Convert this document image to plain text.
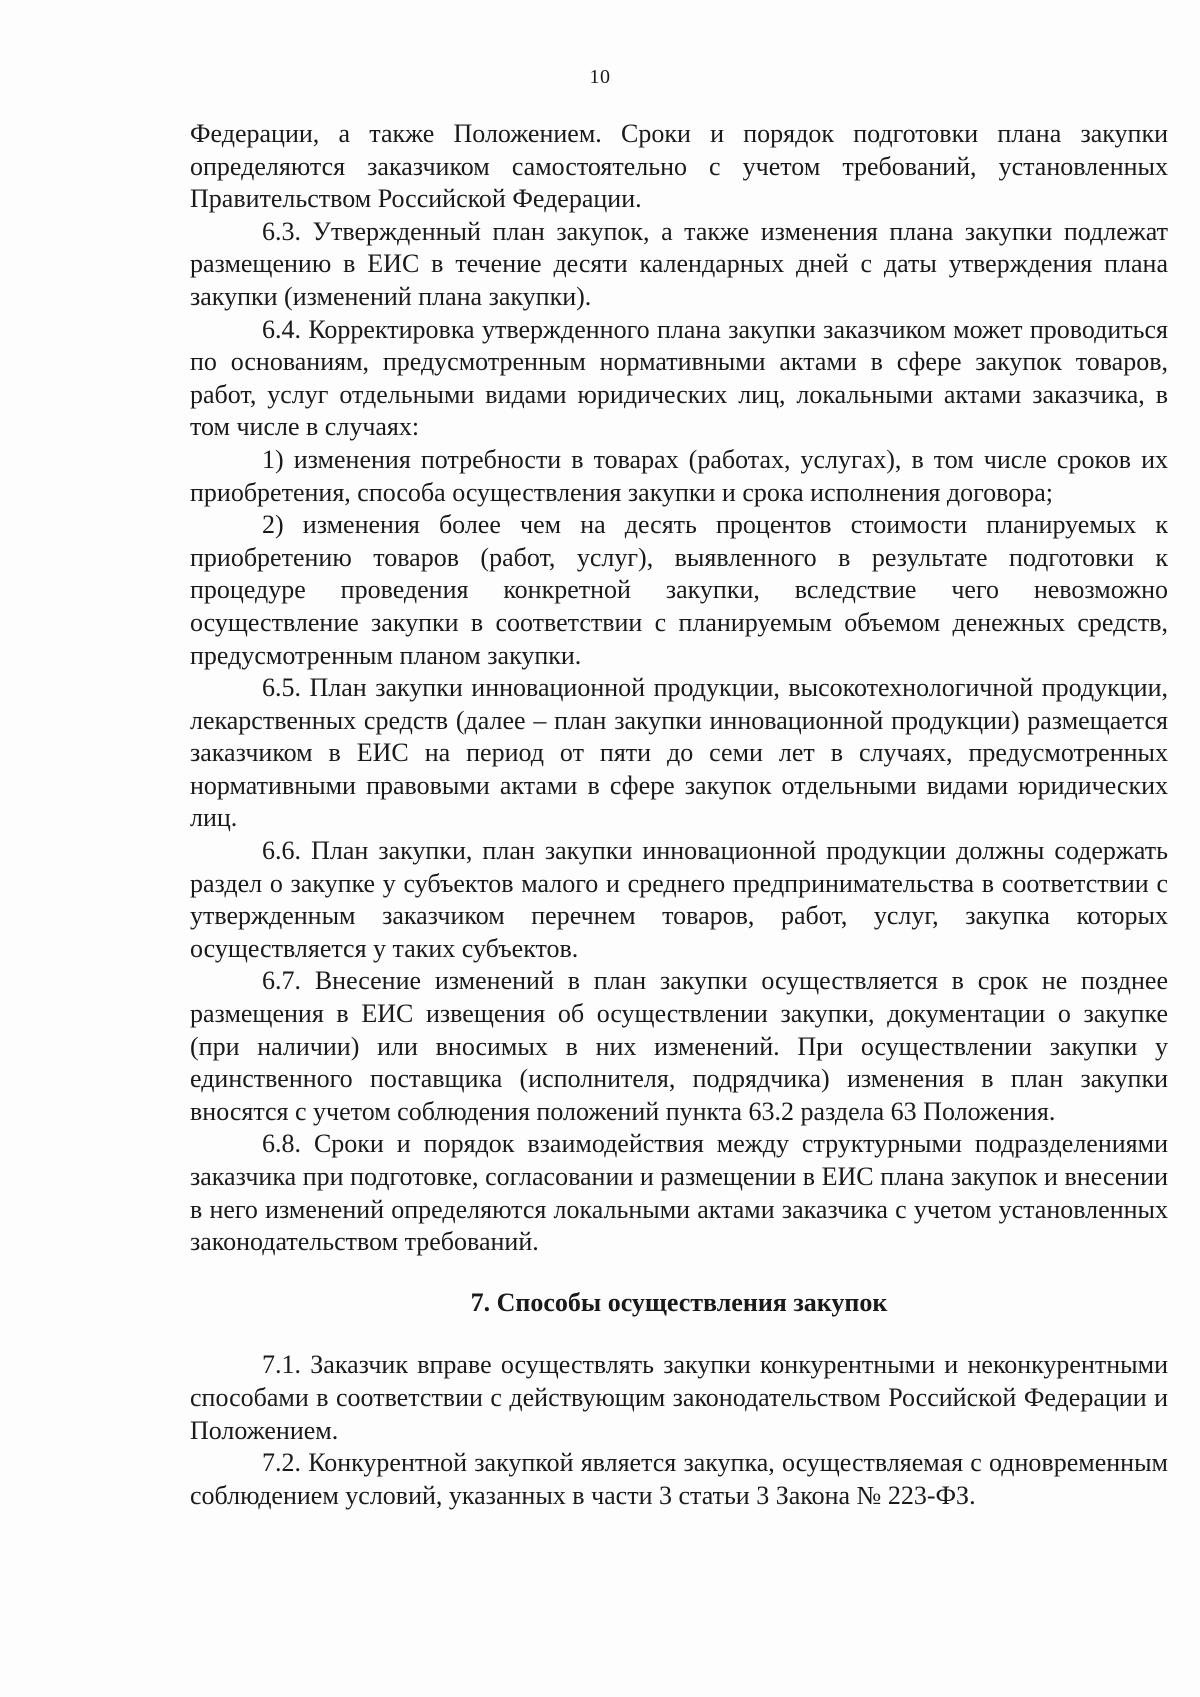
10

Федерации, а также Положением. Сроки и порядок подготовки плана закупки определяются заказчиком самостоятельно с учетом требований, установленных Правительством Российской Федерации.

6.3. Утвержденный план закупок, а также изменения плана закупки подлежат размещению в ЕИС в течение десяти календарных дней с даты утверждения плана закупки (изменений плана закупки).

6.4. Корректировка утвержденного плана закупки заказчиком может проводиться по основаниям, предусмотренным нормативными актами в сфере закупок товаров, работ, услуг отдельными видами юридических лиц, локальными актами заказчика, в том числе в случаях:

1) изменения потребности в товарах (работах, услугах), в том числе сроков их приобретения, способа осуществления закупки и срока исполнения договора;

2) изменения более чем на десять процентов стоимости планируемых к приобретению товаров (работ, услуг), выявленного в результате подготовки к процедуре проведения конкретной закупки, вследствие чего невозможно осуществление закупки в соответствии с планируемым объемом денежных средств, предусмотренным планом закупки.

6.5. План закупки инновационной продукции, высокотехнологичной продукции, лекарственных средств (далее – план закупки инновационной продукции) размещается заказчиком в ЕИС на период от пяти до семи лет в случаях, предусмотренных нормативными правовыми актами в сфере закупок отдельными видами юридических лиц.

6.6. План закупки, план закупки инновационной продукции должны содержать раздел о закупке у субъектов малого и среднего предпринимательства в соответствии с утвержденным заказчиком перечнем товаров, работ, услуг, закупка которых осуществляется у таких субъектов.

6.7. Внесение изменений в план закупки осуществляется в срок не позднее размещения в ЕИС извещения об осуществлении закупки, документации о закупке (при наличии) или вносимых в них изменений. При осуществлении закупки у единственного поставщика (исполнителя, подрядчика) изменения в план закупки вносятся с учетом соблюдения положений пункта 63.2 раздела 63 Положения.

6.8. Сроки и порядок взаимодействия между структурными подразделениями заказчика при подготовке, согласовании и размещении в ЕИС плана закупок и внесении в него изменений определяются локальными актами заказчика с учетом установленных законодательством требований.

7. Способы осуществления закупок

7.1. Заказчик вправе осуществлять закупки конкурентными и неконкурентными способами в соответствии с действующим законодательством Российской Федерации и Положением.

7.2. Конкурентной закупкой является закупка, осуществляемая с одновременным соблюдением условий, указанных в части 3 статьи 3 Закона № 223-ФЗ.
